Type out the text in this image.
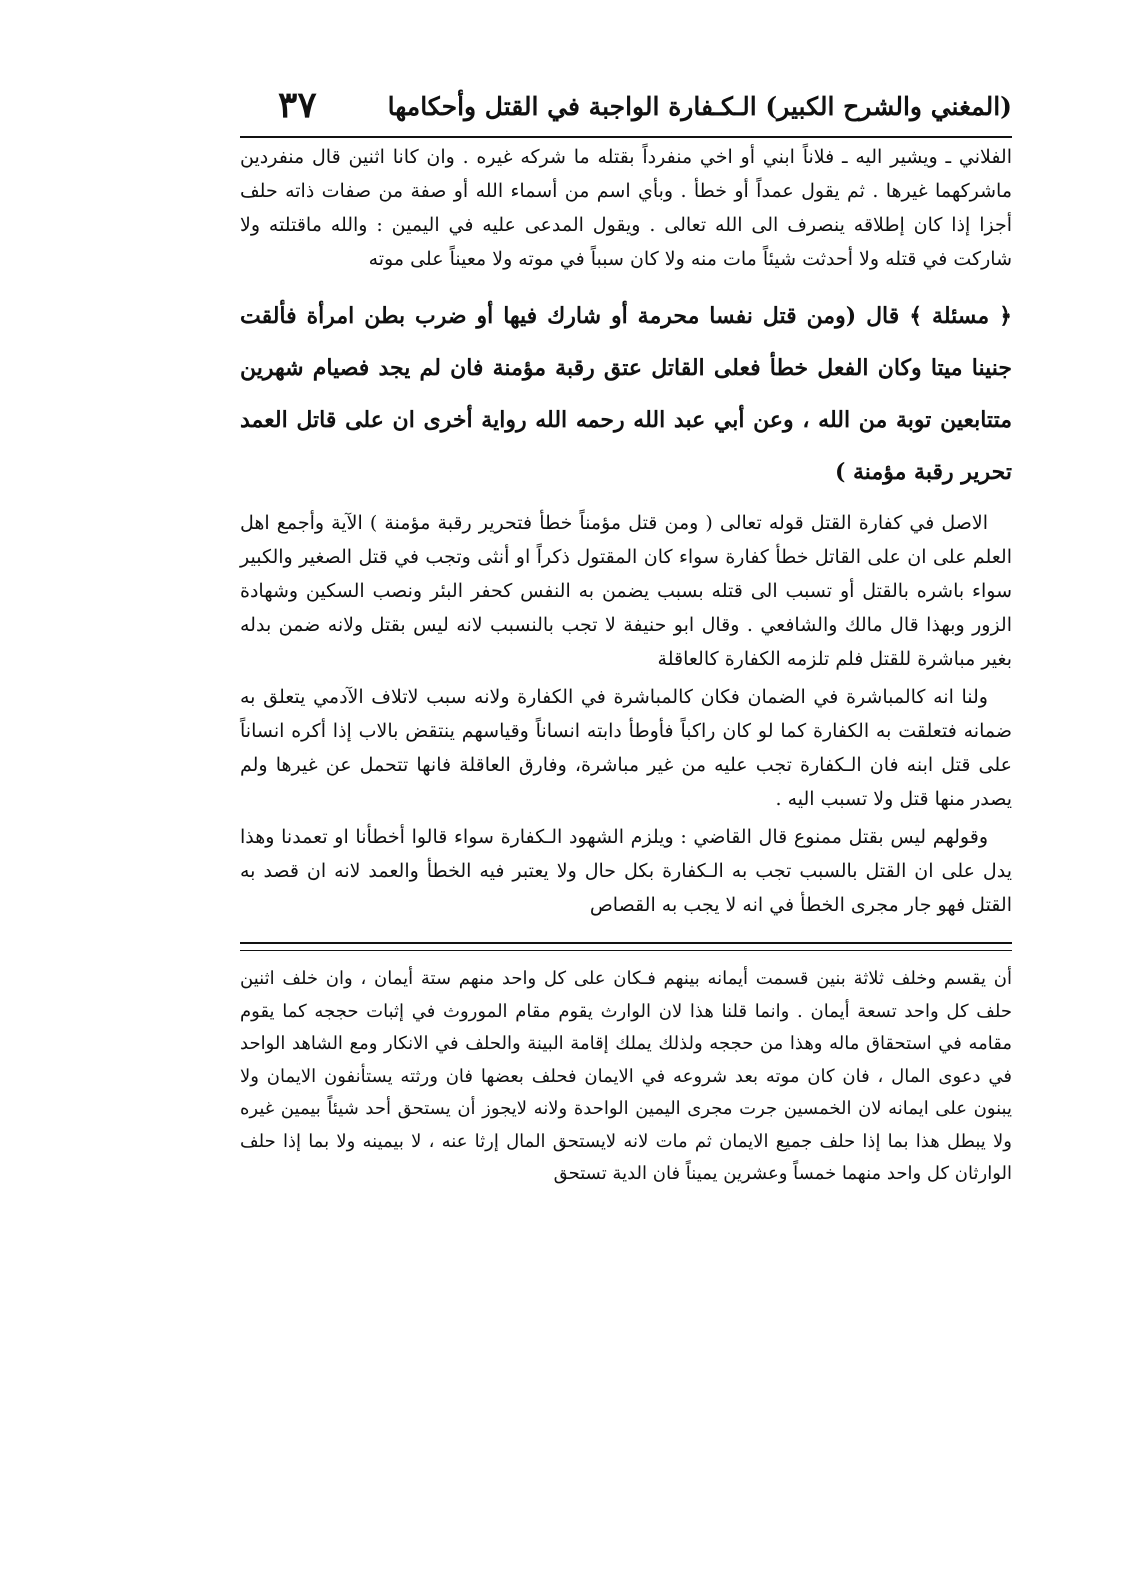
(المغني والشرح الكبير) الـكـفارة الواجبة في القتل وأحكامها
٣٧

الفلاني ـ ويشير اليه ـ فلاناً ابني أو اخي منفرداً بقتله ما شركه غيره . وان كانا اثنين قال منفردين ماشركهما غيرها . ثم يقول عمداً أو خطأ . وبأي اسم من أسماء الله أو صفة من صفات ذاته حلف أجزا إذا كان إطلاقه ينصرف الى الله تعالى . ويقول المدعى عليه في اليمين : والله ماقتلته ولا شاركت في قتله ولا أحدثت شيئاً مات منه ولا كان سبباً في موته ولا معيناً على موته

﴿ مسئلة ﴾ قال (ومن قتل نفسا محرمة أو شارك فيها أو ضرب بطن امرأة فألقت جنينا ميتا وكان الفعل خطأ فعلى القاتل عتق رقبة مؤمنة فان لم يجد فصيام شهرين متتابعين توبة من الله ، وعن أبي عبد الله رحمه الله رواية أخرى ان على قاتل العمد تحرير رقبة مؤمنة )

الاصل في كفارة القتل قوله تعالى ( ومن قتل مؤمناً خطأ فتحرير رقبة مؤمنة ) الآية وأجمع اهل العلم على ان على القاتل خطأ كفارة سواء كان المقتول ذكراً او أنثى وتجب في قتل الصغير والكبير سواء باشره بالقتل أو تسبب الى قتله بسبب يضمن به النفس كحفر البئر ونصب السكين وشهادة الزور وبهذا قال مالك والشافعي . وقال ابو حنيفة لا تجب بالنسبب لانه ليس بقتل ولانه ضمن بدله بغير مباشرة للقتل فلم تلزمه الكفارة كالعاقلة

ولنا انه كالمباشرة في الضمان فكان كالمباشرة في الكفارة ولانه سبب لاتلاف الآدمي يتعلق به ضمانه فتعلقت به الكفارة كما لو كان راكباً فأوطأ دابته انساناً وقياسهم ينتقض بالاب إذا أكره انساناً على قتل ابنه فان الـكفارة تجب عليه من غير مباشرة، وفارق العاقلة فانها تتحمل عن غيرها ولم يصدر منها قتل ولا تسبب اليه .

وقولهم ليس بقتل ممنوع قال القاضي : ويلزم الشهود الـكفارة سواء قالوا أخطأنا او تعمدنا وهذا يدل على ان القتل بالسبب تجب به الـكفارة بكل حال ولا يعتبر فيه الخطأ والعمد لانه ان قصد به القتل فهو جار مجرى الخطأ في انه لا يجب به القصاص

أن يقسم وخلف ثلاثة بنين قسمت أيمانه بينهم فـكان على كل واحد منهم ستة أيمان ، وان خلف اثنين حلف كل واحد تسعة أيمان . وانما قلنا هذا لان الوارث يقوم مقام الموروث في إثبات حججه كما يقوم مقامه في استحقاق ماله وهذا من حججه ولذلك يملك إقامة البينة والحلف في الانكار ومع الشاهد الواحد في دعوى المال ، فان كان موته بعد شروعه في الايمان فحلف بعضها فان ورثته يستأنفون الايمان ولا يبنون على ايمانه لان الخمسين جرت مجرى اليمين الواحدة ولانه لايجوز أن يستحق أحد شيئاً بيمين غيره ولا يبطل هذا بما إذا حلف جميع الايمان ثم مات لانه لايستحق المال إرثا عنه ، لا بيمينه ولا بما إذا حلف الوارثان كل واحد منهما خمساً وعشرين يميناً فان الدية تستحق
